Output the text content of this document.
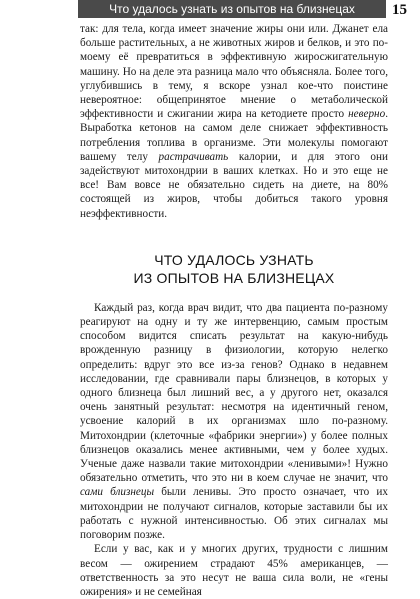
Что удалось узнать из опытов на близнецах	15

так: для тела, когда имеет значение жиры они или. Джанет ела больше растительных, а не животных жиров и белков, и это по-моему её превратиться в эффективную жиросжигательную машину. Но на деле эта разница мало что объясняла. Более того, углубившись в тему, я вскоре узнал кое-что поистине невероятное: общепринятое мнение о метаболической эффективности и сжигании жира на кетодиете просто неверно. Выработка кетонов на самом деле снижает эффективность потребления топлива в организме. Эти молекулы помогают вашему телу растрачивать калории, и для этого они задействуют митохондрии в ваших клетках. Но и это еще не все! Вам вовсе не обязательно сидеть на диете, на 80% состоящей из жиров, чтобы добиться такого уровня неэффективности.

ЧТО УДАЛОСЬ УЗНАТЬ
ИЗ ОПЫТОВ НА БЛИЗНЕЦАХ

Каждый раз, когда врач видит, что два пациента по-разному реагируют на одну и ту же интервенцию, самым простым способом видится списать результат на какую-нибудь врожденную разницу в физиологии, которую нелегко определить: вдруг это все из-за генов? Однако в недавнем исследовании, где сравнивали пары близнецов, в которых у одного близнеца был лишний вес, а у другого нет, оказался очень занятный результат: несмотря на идентичный геном, усвоение калорий в их организмах шло по-разному. Митохондрии (клеточные «фабрики энергии») у более полных близнецов оказались менее активными, чем у более худых. Ученые даже назвали такие митохондрии «ленивыми»! Нужно обязательно отметить, что это ни в коем случае не значит, что сами близнецы были ленивы. Это просто означает, что их митохондрии не получают сигналов, которые заставили бы их работать с нужной интенсивностью. Об этих сигналах мы поговорим позже.

Если у вас, как и у многих других, трудности с лишним весом — ожирением страдают 45% американцев, — ответственность за это несут не ваша сила воли, не «гены ожирения» и не семейная
